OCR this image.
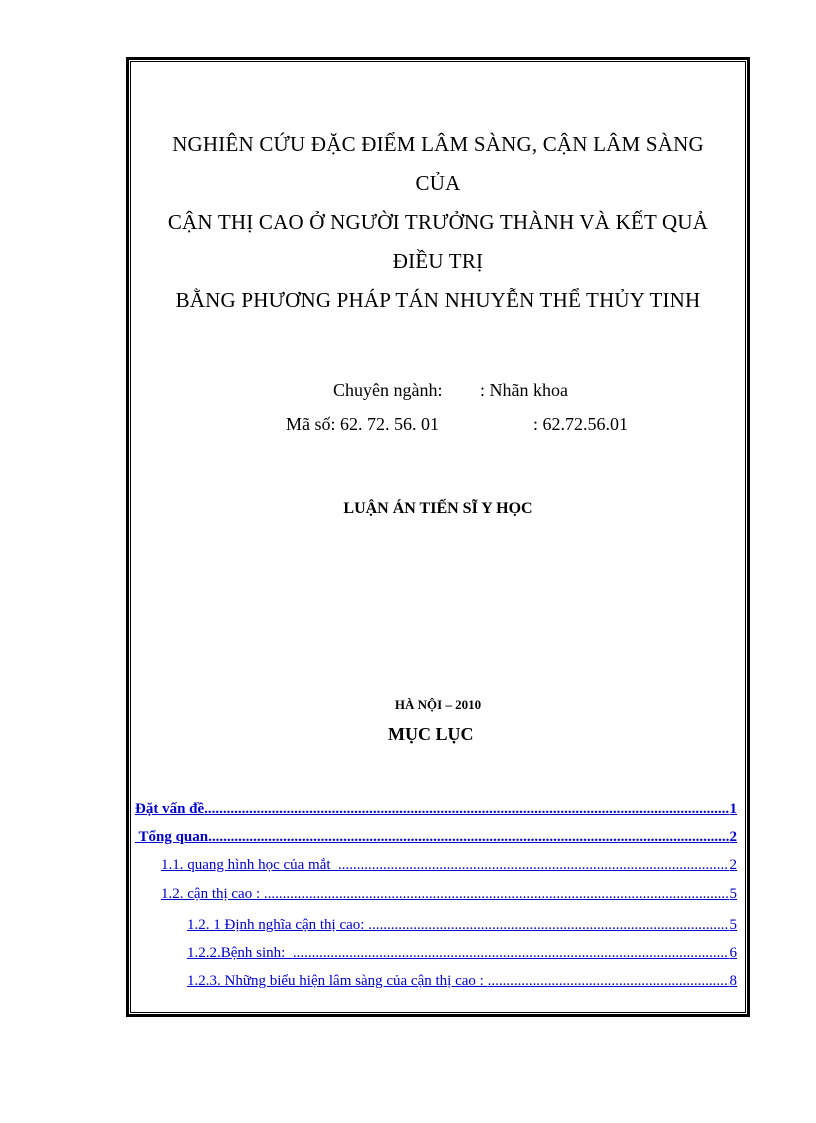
NGHIÊN CỨU ĐẶC ĐIỂM LÂM SÀNG, CẬN LÂM SÀNG
CỦA
CẬN THỊ CAO Ở NGƯỜI TRƯỞNG THÀNH VÀ KẾT QUẢ
ĐIỀU TRỊ
BẰNG PHƯƠNG PHÁP TÁN NHUYỄN THỂ THỦY TINH
Chuyên ngành: : Nhãn khoa
Mã số: 62. 72. 56. 01	: 62.72.56.01
LUẬN ÁN TIẾN SĨ Y HỌC
HÀ NỘI – 2010
MỤC LỤC
Đặt vấn đề .....	1
Tổng quan .....	2
1.1. quang hình học của mắt .....	2
1.2. cận thị cao : .....	5
1.2. 1 Định nghĩa cận thị cao: .....	5
1.2.2.Bệnh sinh: .....	6
1.2.3. Những biểu hiện lâm sàng của cận thị cao : .....	8
